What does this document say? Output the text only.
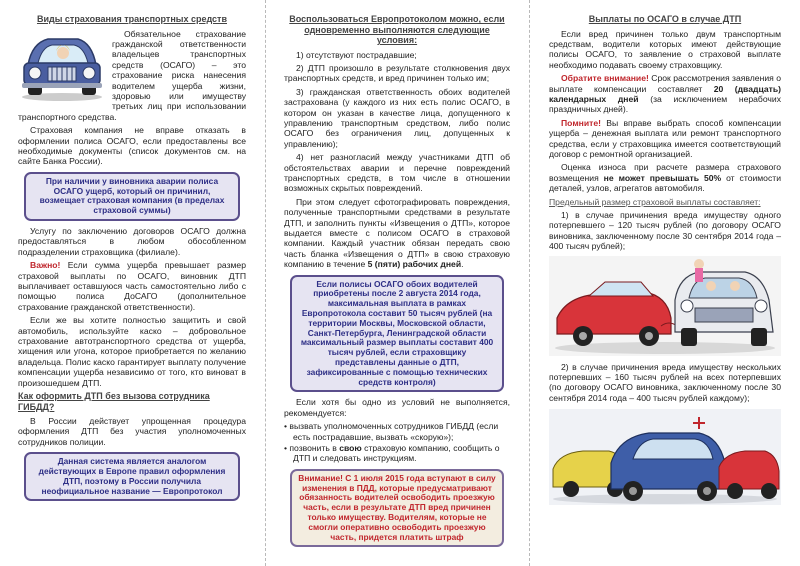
Виды страхования транспортных средств

Обязательное страхование гражданской ответственности владельцев транспортных средств (ОСАГО) – это страхование риска нанесения водителем ущерба жизни, здоровью или имуществу третьих лиц при использовании транспортного средства.

Страховая компания не вправе отказать в оформлении полиса ОСАГО, если предоставлены все необходимые документы (список документов см. на сайте Банка России).

При наличии у виновника аварии полиса ОСАГО ущерб, который он причинил, возмещает страховая компания (в пределах страховой суммы)

Услугу по заключению договоров ОСАГО должна предоставляться в любом обособленном подразделении страховщика (филиале).

Важно! Если сумма ущерба превышает размер страховой выплаты по ОСАГО, виновник ДТП выплачивает оставшуюся часть самостоятельно либо с помощью полиса ДоСАГО (дополнительное страхование гражданской ответственности).

Если же вы хотите полностью защитить и свой автомобиль, используйте каско – добровольное страхование автотранспортного средства от ущерба, хищения или угона, которое приобретается по желанию владельца. Полис каско гарантирует выплату получение компенсации ущерба независимо от того, кто виноват в произошедшем ДТП.

Как оформить ДТП без вызова сотрудника ГИБДД?

В России действует упрощенная процедура оформления ДТП без участия уполномоченных сотрудников полиции.

Данная система является аналогом действующих в Европе правил оформления ДТП, поэтому в России получила неофициальное название — Европротокол
Воспользоваться Европротоколом можно, если одновременно выполняются следующие условия:

1) отсутствуют пострадавшие;

2) ДТП произошло в результате столкновения двух транспортных средств, и вред причинен только им;

3) гражданская ответственность обоих водителей застрахована (у каждого из них есть полис ОСАГО, в котором он указан в качестве лица, допущенного к управлению транспортным средством, либо полис ОСАГО без ограничения лиц, допущенных к управлению);

4) нет разногласий между участниками ДТП об обстоятельствах аварии и перечне повреждений транспортных средств, в том числе в отношении возможных скрытых повреждений.

При этом следует сфотографировать повреждения, полученные транспортными средствами в результате ДТП, и заполнить пункты «Извещения о ДТП», которое выдается вместе с полисом ОСАГО в страховой компании. Каждый участник обязан передать свою часть бланка «Извещения о ДТП» в свою страховую компанию в течение 5 (пяти) рабочих дней.

Если полисы ОСАГО обоих водителей приобретены после 2 августа 2014 года, максимальная выплата в рамках Европротокола составит 50 тысяч рублей (на территории Москвы, Московской области, Санкт-Петербурга, Ленинградской области максимальный размер выплаты составит 400 тысяч рублей, если страховщику представлены данные о ДТП, зафиксированные с помощью технических средств контроля)

Если хотя бы одно из условий не выполняется, рекомендуется:

• вызвать уполномоченных сотрудников ГИБДД (если есть пострадавшие, вызвать «скорую»);

• позвонить в свою страховую компанию, сообщить о ДТП и следовать инструкциям.

Внимание! С 1 июля 2015 года вступают в силу изменения в ПДД, которые предусматривают обязанность водителей освободить проезжую часть, если в результате ДТП вред причинен только имуществу. Водителям, которые не смогли оперативно освободить проезжую часть, придется платить штраф
Выплаты по ОСАГО в случае ДТП

Если вред причинен только двум транспортным средствам, водители которых имеют действующие полисы ОСАГО, то заявление о страховой выплате необходимо подавать своему страховщику.

Обратите внимание! Срок рассмотрения заявления о выплате компенсации составляет 20 (двадцать) календарных дней (за исключением нерабочих праздничных дней).

Помните! Вы вправе выбрать способ компенсации ущерба – денежная выплата или ремонт транспортного средства, если у страховщика имеется соответствующий договор с ремонтной организацией.

Оценка износа при расчете размера страхового возмещения не может превышать 50% от стоимости деталей, узлов, агрегатов автомобиля.

Предельный размер страховой выплаты составляет:

1) в случае причинения вреда имуществу одного потерпевшего – 120 тысяч рублей (по договору ОСАГО виновника, заключенному после 30 сентября 2014 года – 400 тысяч рублей);

2) в случае причинения вреда имуществу нескольких потерпевших – 160 тысяч рублей на всех потерпевших (по договору ОСАГО виновника, заключенному после 30 сентября 2014 года – 400 тысяч рублей каждому);
